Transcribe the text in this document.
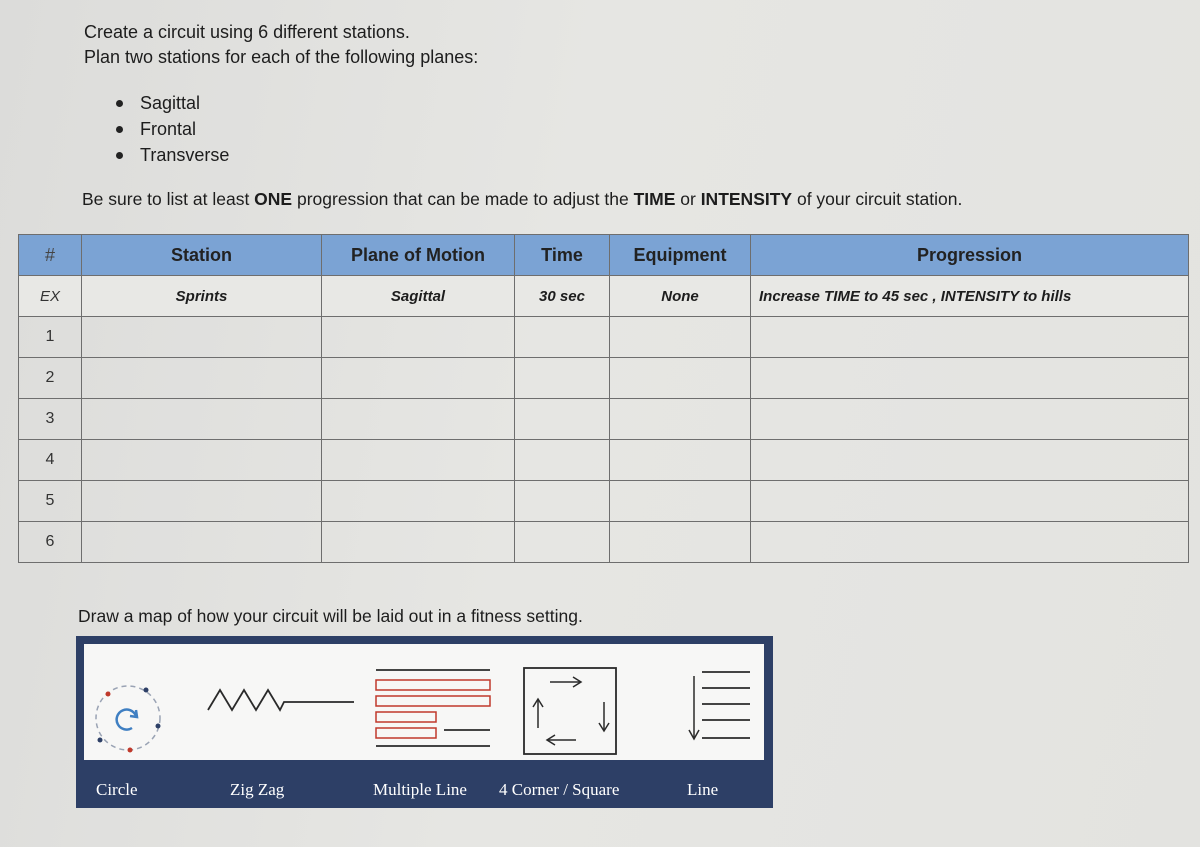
Create a circuit using 6 different stations.
Plan two stations for each of the following planes:
Sagittal
Frontal
Transverse
Be sure to list at least ONE progression that can be made to adjust the TIME or INTENSITY of your circuit station.
#	Station	Plane of Motion	Time	Equipment	Progression
EX	Sprints	Sagittal	30 sec	None	Increase TIME to 45 sec , INTENSITY to hills
1					
2					
3					
4					
5					
6					
Draw a map of how your circuit will be laid out in a fitness setting.
Circle	Zig Zag	Multiple Line 4 Corner / Square	Line
